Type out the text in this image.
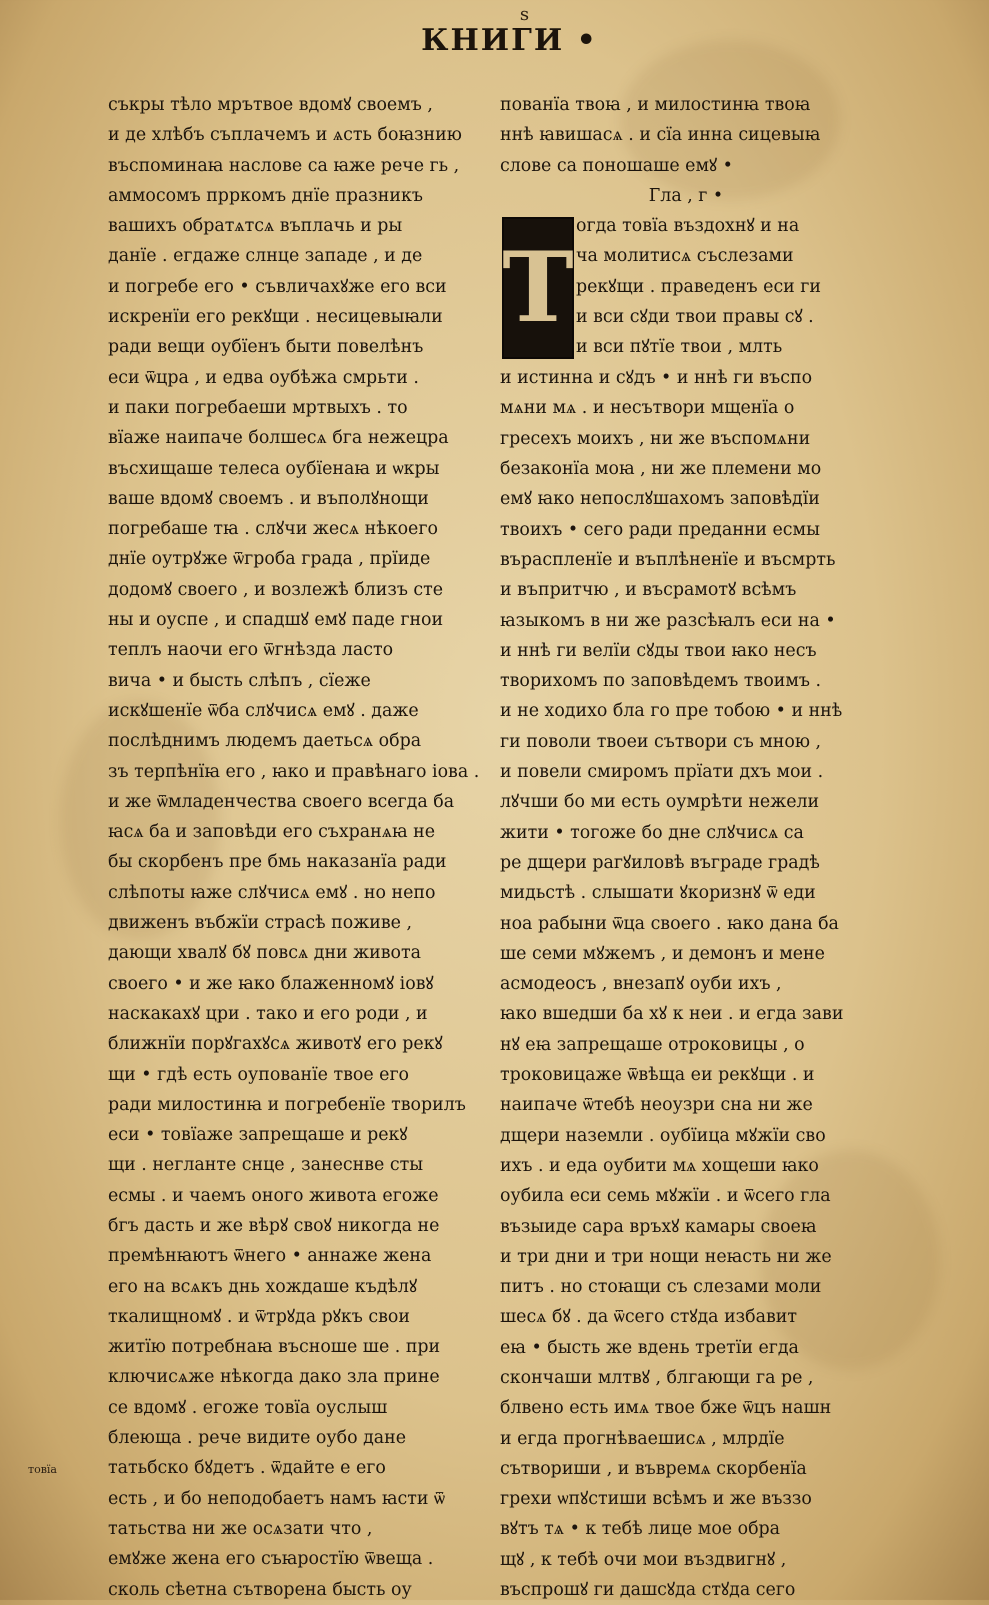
ѕ
КНИГИ •
съкры тѣло мрътвое вдомꙋ своемъ ,
и де хлѣбъ съплачемъ и ѧсть боꙗзнию
въспоминаꙗ наслове са ꙗже рече гь ,
аммосомъ прркомъ днїе празникъ
вашихъ обратѧтсѧ въплачь и ры
данїе . егдаже слнце западе , и де
и погребе его • съвличахꙋже его вси
искренїи его рекꙋщи . несицевыꙗли
ради вещи оубїенъ быти повелѣнъ
еси ѿцра , и едва оубѣжа смрьти .
и паки погребаеши мртвыхъ . то
вїаже наипаче болшесѧ бга нежецра
въсхищаше телеса оубїенаꙗ и ѡкры
ваше вдомꙋ своемъ . и въполꙋнощи
погребаше тꙗ . слꙋчи жесѧ нѣкоего
днїе оутрꙋже ѿгроба града , прїиде
додомꙋ своего , и возлежѣ близъ сте
ны и оуспе , и спадшꙋ емꙋ паде гнои
теплъ наочи его ѿгнѣзда ласто
вича • и бысть слѣпъ , сїеже
искꙋшенїе ѿба слꙋчисѧ емꙋ . даже
послѣднимъ людемъ даетьсѧ обра
зъ терпѣнїꙗ его , ꙗко и правѣнаго іова .
и же ѿмладенчества своего всегда ба
ꙗсѧ ба и заповѣди его съхранѧꙗ не
бы скорбенъ пре бмь наказанїа ради
слѣпоты ꙗже слꙋчисѧ емꙋ . но непо
движенъ въбжїи страсѣ поживе ,
дающи хвалꙋ бꙋ повсѧ дни живота
своего • и же ꙗко блаженномꙋ іовꙋ
наскакахꙋ цри . тако и его роди , и
ближнїи порꙋгахꙋсѧ животꙋ его рекꙋ
щи • гдѣ есть оупованїе твое его
ради милостинꙗ и погребенїе творилъ
еси • товїаже запрещаше и рекꙋ
щи . негланте снце , занеснве сты
есмы . и чаемъ оного живота егоже
бгъ дасть и же вѣрꙋ своꙋ никогда не
премѣнꙗютъ ѿнего • аннаже жена
его на всѧкъ днь хождаше къдѣлꙋ
ткалищномꙋ . и ѿтрꙋда рꙋкъ свои
житїю потребнаꙗ въсноше ше . при
ключисѧже нѣкогда дако зла прине
се вдомꙋ . егоже товїа оуслыш
блеюща . рече видите оубо дане
татьбско бꙋдетъ . ѿдайте е его
есть , и бо неподобаетъ намъ ꙗсти ѿ
татьства ни же осѧзати что ,
емꙋже жена его съꙗростїю ѿвеща .
сколь сѣетна сътворена бысть оу
пованїа твоꙗ , и милостинꙗ твоꙗ
ннѣ ꙗвишасѧ . и сїа инна сицевыꙗ
слове са поношаше емꙋ •
Гла , г •
Т
огда товїа въздохнꙋ и на
ча молитисѧ съслезами
рекꙋщи . праведенъ еси ги
и вси сꙋди твои правы сꙋ .
и вси пꙋтїе твои , млть
и истинна и сꙋдъ • и ннѣ ги въспо
мѧни мѧ . и несътвори мщенїа о
гресехъ моихъ , ни же въспомѧни
безаконїа моꙗ , ни же племени мо
емꙋ ꙗко непослꙋшахомъ заповѣдїи
твоихъ • сего ради преданни есмы
въраспленїе и въплѣненїе и въсмрть
и въпритчю , и въсрамотꙋ всѣмъ
ꙗзыкомъ в ни же разсѣꙗлъ еси на •
и ннѣ ги велїи сꙋды твои ꙗко несъ
творихомъ по заповѣдемъ твоимъ .
и не ходихо бла го пре тобою • и ннѣ
ги поволи твоеи сътвори съ мною ,
и повели смиромъ прїати дхъ мои .
лꙋчши бо ми есть оумрѣти нежели
жити • тогоже бо дне слꙋчисѧ са
ре дщери рагꙋиловѣ въграде градѣ
мидьстѣ . слышати ꙋкоризнꙋ ѿ еди
ноа рабыни ѿца своего . ꙗко дана ба
ше семи мꙋжемъ , и демонъ и мене
асмодеосъ , внезапꙋ оуби ихъ ,
ꙗко вшедши ба хꙋ к неи . и егда зави
нꙋ еꙗ запрещаше отроковицы , о
троковицаже ѿвѣща еи рекꙋщи . и
наипаче ѿтебѣ неоузри сна ни же
дщери наземли . оубїица мꙋжїи сво
ихъ . и еда оубити мѧ хощеши ꙗко
оубила еси семь мꙋжїи . и ѿсего гла
възыиде сара връхꙋ камары своеꙗ
и три дни и три нощи неꙗсть ни же
питъ . но стоꙗщи съ слезами моли
шесѧ бꙋ . да ѿсего стꙋда избавит
еꙗ • бысть же вдень третїи егда
скончаши млтвꙋ , блгающи га ре ,
блвено есть имѧ твое бже ѿцъ нашн
и егда прогнѣваешисѧ , млрдїе
сътвориши , и въвремѧ скорбенїа
грехи ѡпꙋстиши всѣмъ и же въззо
вꙋтъ тѧ • к тебѣ лице мое обра
щꙋ , к тебѣ очи мои въздвигнꙋ ,
въспрошꙋ ги дашсꙋда стꙋда сего
товїа
